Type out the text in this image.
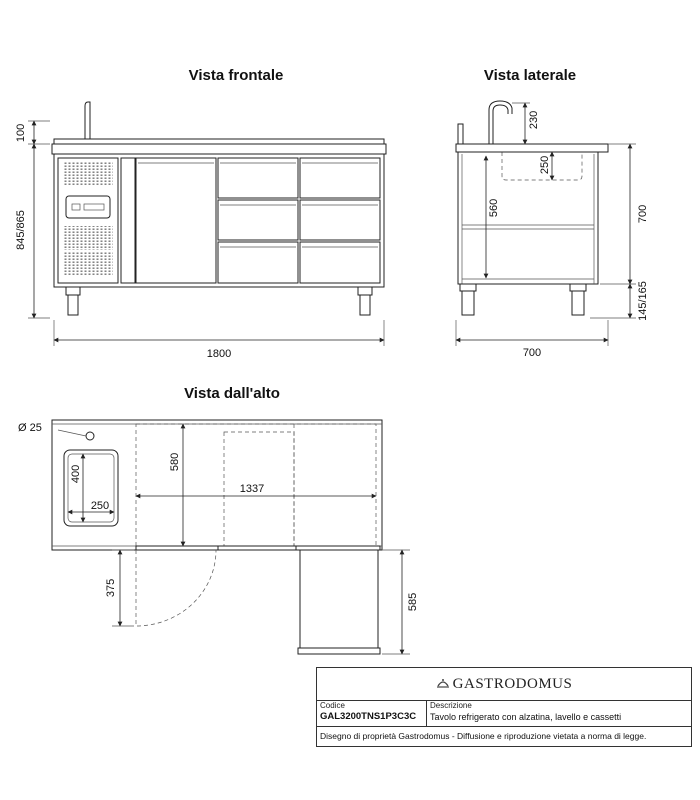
Vista frontale	Vista laterale
Vista dall'alto
100
845/865
1800
230
250
560	700
145/165
700
Ø 25
400
250
580
1337
375
585
GASTRODOMUS
Codice
GAL3200TNS1P3C3C
Descrizione
Tavolo refrigerato con alzatina, lavello e cassetti
Disegno di proprietà Gastrodomus - Diffusione e riproduzione vietata a norma di legge.
